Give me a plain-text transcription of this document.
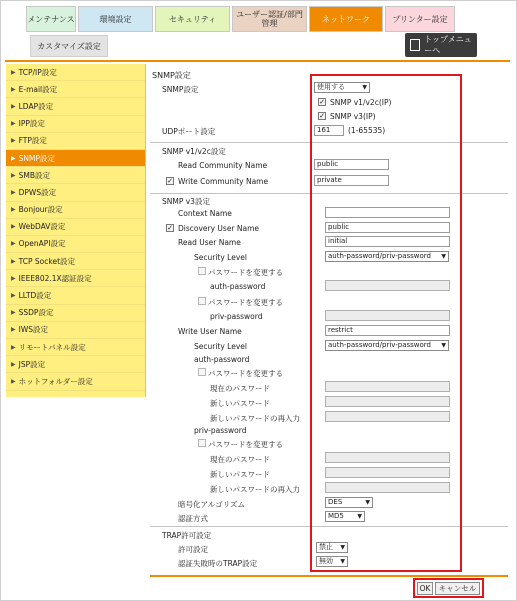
メンテナンス	環境設定	セキュリティ	ユーザー認証/部門管理	ネットワーク	プリンター設定
カスタマイズ設定
トップメニューへ
▶ TCP/IP設定
▶ E-mail設定
▶ LDAP設定
▶ IPP設定
▶ FTP設定
▶ SNMP設定
▶ SMB設定
▶ DPWS設定
▶ Bonjour設定
▶ WebDAV設定
▶ OpenAPI設定
▶ TCP Socket設定
▶ IEEE802.1X認証設定
▶ LLTD設定
▶ SSDP設定
▶ IWS設定
▶ リモートパネル設定
▶ JSP設定
▶ ホットフォルダー設定
SNMP設定
SNMP設定	使用する	▼
✓ SNMP v1/v2c(IP)
✓ SNMP v3(IP)
UDPポート設定	161	(1-65535)
SNMP v1/v2c設定
Read Community Name	public
✓ Write Community Name	private
SNMP v3設定
Context Name
✓ Discovery User Name	public
Read User Name	initial
Security Level	auth-password/priv-password ▼
パスワードを変更する
auth-password
パスワードを変更する
priv-password
Write User Name	restrict
Security Level	auth-password/priv-password ▼
auth-password
パスワードを変更する
現在のパスワード
新しいパスワード
新しいパスワードの再入力
priv-password
パスワードを変更する
現在のパスワード
新しいパスワード
新しいパスワードの再入力
暗号化アルゴリズム	DES	▼
認証方式	MD5 ▼
TRAP許可設定
許可設定	禁止 ▼
認証失敗時のTRAP設定	無効 ▼
OK	キャンセル
